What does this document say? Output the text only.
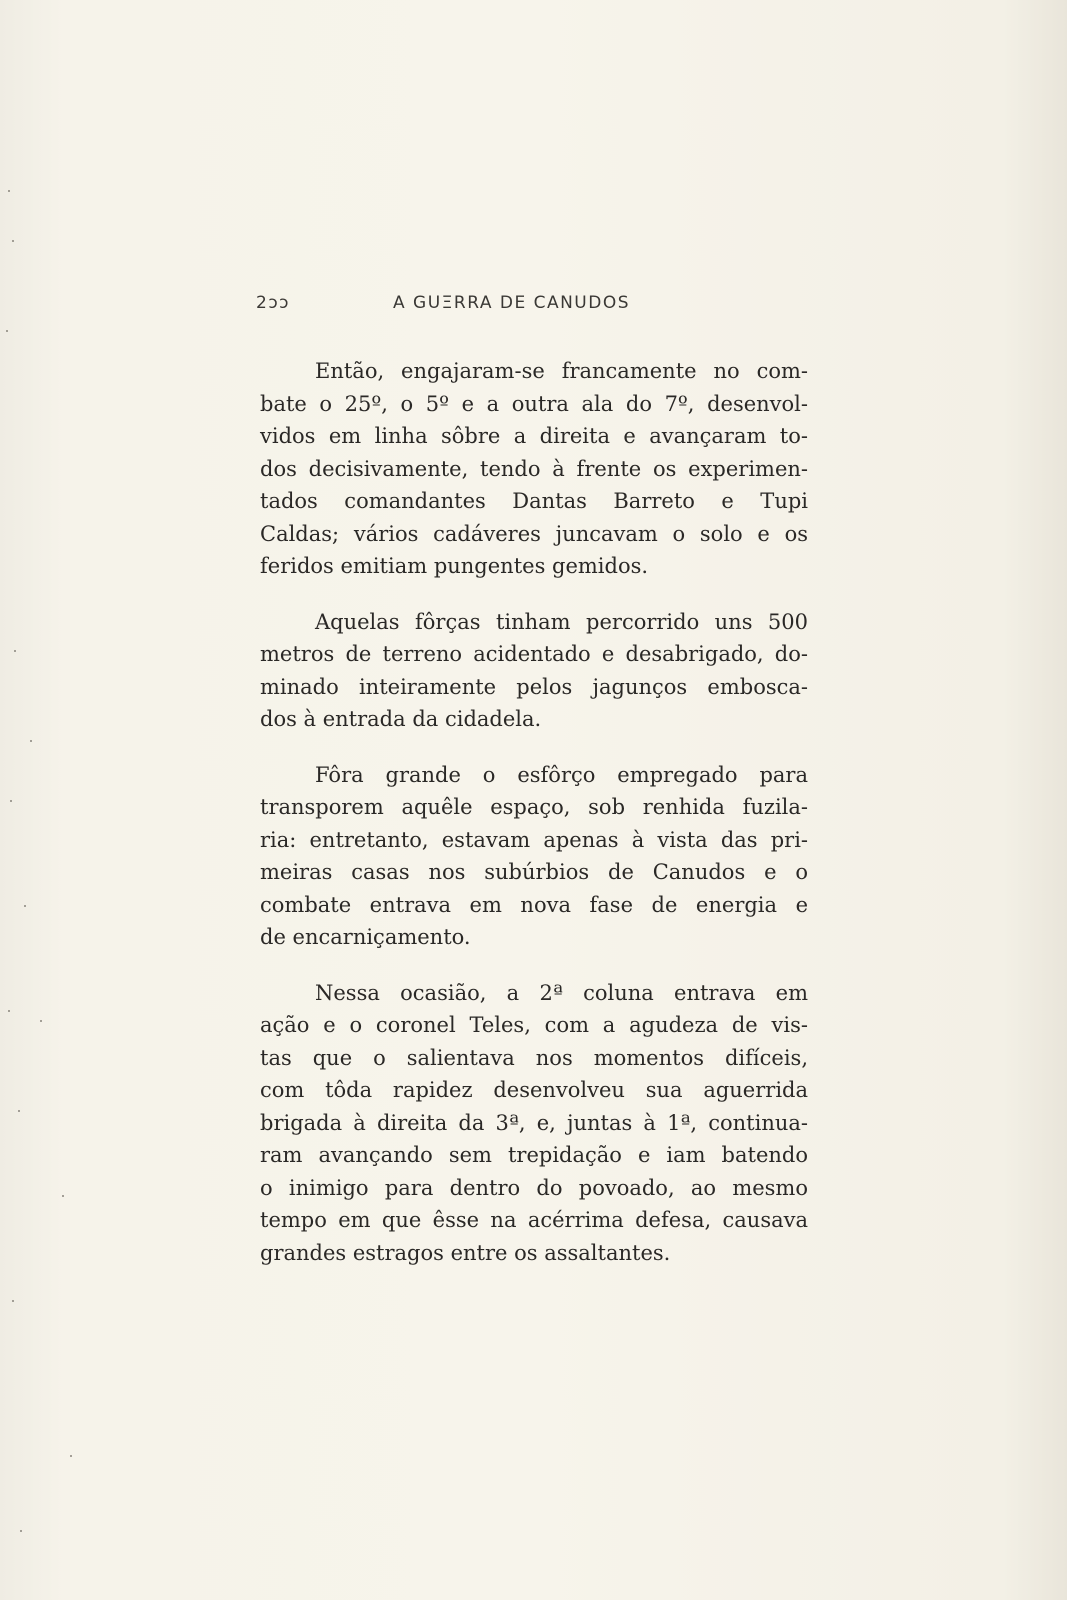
2ͻͻ	A GUΞRRA DE CANUDOS
Então, engajaram-se francamente no com-
bate o 25º, o 5º e a outra ala do 7º, desenvol-
vidos em linha sôbre a direita e avançaram to-
dos decisivamente, tendo à frente os experimen-
tados comandantes Dantas Barreto e Tupi
Caldas; vários cadáveres juncavam o solo e os
feridos emitiam pungentes gemidos.
Aquelas fôrças tinham percorrido uns 500
metros de terreno acidentado e desabrigado, do-
minado inteiramente pelos jagunços embosca-
dos à entrada da cidadela.
Fôra grande o esfôrço empregado para
transporem aquêle espaço, sob renhida fuzila-
ria: entretanto, estavam apenas à vista das pri-
meiras casas nos subúrbios de Canudos e o
combate entrava em nova fase de energia e
de encarniçamento.
Nessa ocasião, a 2ª coluna entrava em
ação e o coronel Teles, com a agudeza de vis-
tas que o salientava nos momentos difíceis,
com tôda rapidez desenvolveu sua aguerrida
brigada à direita da 3ª, e, juntas à 1ª, continua-
ram avançando sem trepidação e iam batendo
o inimigo para dentro do povoado, ao mesmo
tempo em que êsse na acérrima defesa, causava
grandes estragos entre os assaltantes.
